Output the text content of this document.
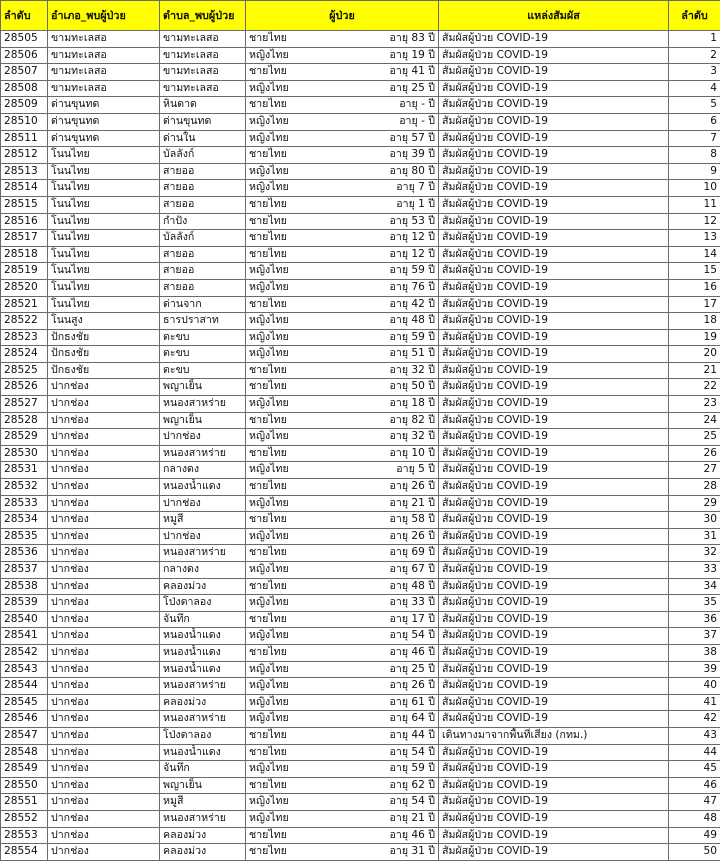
ลำดับ	อำเภอ_พบผู้ป่วย	ตำบล_พบผู้ป่วย	ผู้ป่วย	แหล่งสัมผัส	ลำดับ
28505	ขามทะเลสอ	ขามทะเลสอ	ชายไทย อายุ 83 ปี	สัมผัสผู้ป่วย COVID-19	1
28506	ขามทะเลสอ	ขามทะเลสอ	หญิงไทย อายุ 19 ปี	สัมผัสผู้ป่วย COVID-19	2
28507	ขามทะเลสอ	ขามทะเลสอ	ชายไทย อายุ 41 ปี	สัมผัสผู้ป่วย COVID-19	3
28508	ขามทะเลสอ	ขามทะเลสอ	หญิงไทย อายุ 25 ปี	สัมผัสผู้ป่วย COVID-19	4
28509	ด่านขุนทด	หินดาด	ชายไทย อายุ - ปี	สัมผัสผู้ป่วย COVID-19	5
28510	ด่านขุนทด	ด่านขุนทด	หญิงไทย อายุ - ปี	สัมผัสผู้ป่วย COVID-19	6
28511	ด่านขุนทด	ด่านใน	หญิงไทย อายุ 57 ปี	สัมผัสผู้ป่วย COVID-19	7
28512	โนนไทย	บัลลังก์	ชายไทย อายุ 39 ปี	สัมผัสผู้ป่วย COVID-19	8
28513	โนนไทย	สายออ	หญิงไทย อายุ 80 ปี	สัมผัสผู้ป่วย COVID-19	9
28514	โนนไทย	สายออ	หญิงไทย อายุ 7 ปี	สัมผัสผู้ป่วย COVID-19	10
28515	โนนไทย	สายออ	ชายไทย อายุ 1 ปี	สัมผัสผู้ป่วย COVID-19	11
28516	โนนไทย	กำปัง	ชายไทย อายุ 53 ปี	สัมผัสผู้ป่วย COVID-19	12
28517	โนนไทย	บัลลังก์	ชายไทย อายุ 12 ปี	สัมผัสผู้ป่วย COVID-19	13
28518	โนนไทย	สายออ	ชายไทย อายุ 12 ปี	สัมผัสผู้ป่วย COVID-19	14
28519	โนนไทย	สายออ	หญิงไทย อายุ 59 ปี	สัมผัสผู้ป่วย COVID-19	15
28520	โนนไทย	สายออ	หญิงไทย อายุ 76 ปี	สัมผัสผู้ป่วย COVID-19	16
28521	โนนไทย	ด่านจาก	ชายไทย อายุ 42 ปี	สัมผัสผู้ป่วย COVID-19	17
28522	โนนสูง	ธารปราสาท	หญิงไทย อายุ 48 ปี	สัมผัสผู้ป่วย COVID-19	18
28523	ปักธงชัย	ตะขบ	หญิงไทย อายุ 59 ปี	สัมผัสผู้ป่วย COVID-19	19
28524	ปักธงชัย	ตะขบ	หญิงไทย อายุ 51 ปี	สัมผัสผู้ป่วย COVID-19	20
28525	ปักธงชัย	ตะขบ	ชายไทย อายุ 32 ปี	สัมผัสผู้ป่วย COVID-19	21
28526	ปากช่อง	พญาเย็น	ชายไทย อายุ 50 ปี	สัมผัสผู้ป่วย COVID-19	22
28527	ปากช่อง	หนองสาหร่าย	หญิงไทย อายุ 18 ปี	สัมผัสผู้ป่วย COVID-19	23
28528	ปากช่อง	พญาเย็น	ชายไทย อายุ 82 ปี	สัมผัสผู้ป่วย COVID-19	24
28529	ปากช่อง	ปากช่อง	หญิงไทย อายุ 32 ปี	สัมผัสผู้ป่วย COVID-19	25
28530	ปากช่อง	หนองสาหร่าย	ชายไทย อายุ 10 ปี	สัมผัสผู้ป่วย COVID-19	26
28531	ปากช่อง	กลางดง	หญิงไทย อายุ 5 ปี	สัมผัสผู้ป่วย COVID-19	27
28532	ปากช่อง	หนองน้ำแดง	ชายไทย อายุ 26 ปี	สัมผัสผู้ป่วย COVID-19	28
28533	ปากช่อง	ปากช่อง	หญิงไทย อายุ 21 ปี	สัมผัสผู้ป่วย COVID-19	29
28534	ปากช่อง	หมูสี	ชายไทย อายุ 58 ปี	สัมผัสผู้ป่วย COVID-19	30
28535	ปากช่อง	ปากช่อง	หญิงไทย อายุ 26 ปี	สัมผัสผู้ป่วย COVID-19	31
28536	ปากช่อง	หนองสาหร่าย	ชายไทย อายุ 69 ปี	สัมผัสผู้ป่วย COVID-19	32
28537	ปากช่อง	กลางดง	หญิงไทย อายุ 67 ปี	สัมผัสผู้ป่วย COVID-19	33
28538	ปากช่อง	คลองม่วง	ชายไทย อายุ 48 ปี	สัมผัสผู้ป่วย COVID-19	34
28539	ปากช่อง	โป่งตาลอง	หญิงไทย อายุ 33 ปี	สัมผัสผู้ป่วย COVID-19	35
28540	ปากช่อง	จันทึก	ชายไทย อายุ 17 ปี	สัมผัสผู้ป่วย COVID-19	36
28541	ปากช่อง	หนองน้ำแดง	หญิงไทย อายุ 54 ปี	สัมผัสผู้ป่วย COVID-19	37
28542	ปากช่อง	หนองน้ำแดง	ชายไทย อายุ 46 ปี	สัมผัสผู้ป่วย COVID-19	38
28543	ปากช่อง	หนองน้ำแดง	หญิงไทย อายุ 25 ปี	สัมผัสผู้ป่วย COVID-19	39
28544	ปากช่อง	หนองสาหร่าย	หญิงไทย อายุ 26 ปี	สัมผัสผู้ป่วย COVID-19	40
28545	ปากช่อง	คลองม่วง	หญิงไทย อายุ 61 ปี	สัมผัสผู้ป่วย COVID-19	41
28546	ปากช่อง	หนองสาหร่าย	หญิงไทย อายุ 64 ปี	สัมผัสผู้ป่วย COVID-19	42
28547	ปากช่อง	โป่งตาลอง	ชายไทย อายุ 44 ปี	เดินทางมาจากพื้นที่เสี่ยง (กทม.)	43
28548	ปากช่อง	หนองน้ำแดง	ชายไทย อายุ 54 ปี	สัมผัสผู้ป่วย COVID-19	44
28549	ปากช่อง	จันทึก	หญิงไทย อายุ 59 ปี	สัมผัสผู้ป่วย COVID-19	45
28550	ปากช่อง	พญาเย็น	ชายไทย อายุ 62 ปี	สัมผัสผู้ป่วย COVID-19	46
28551	ปากช่อง	หมูสี	หญิงไทย อายุ 54 ปี	สัมผัสผู้ป่วย COVID-19	47
28552	ปากช่อง	หนองสาหร่าย	หญิงไทย อายุ 21 ปี	สัมผัสผู้ป่วย COVID-19	48
28553	ปากช่อง	คลองม่วง	ชายไทย อายุ 46 ปี	สัมผัสผู้ป่วย COVID-19	49
28554	ปากช่อง	คลองม่วง	ชายไทย อายุ 31 ปี	สัมผัสผู้ป่วย COVID-19	50
